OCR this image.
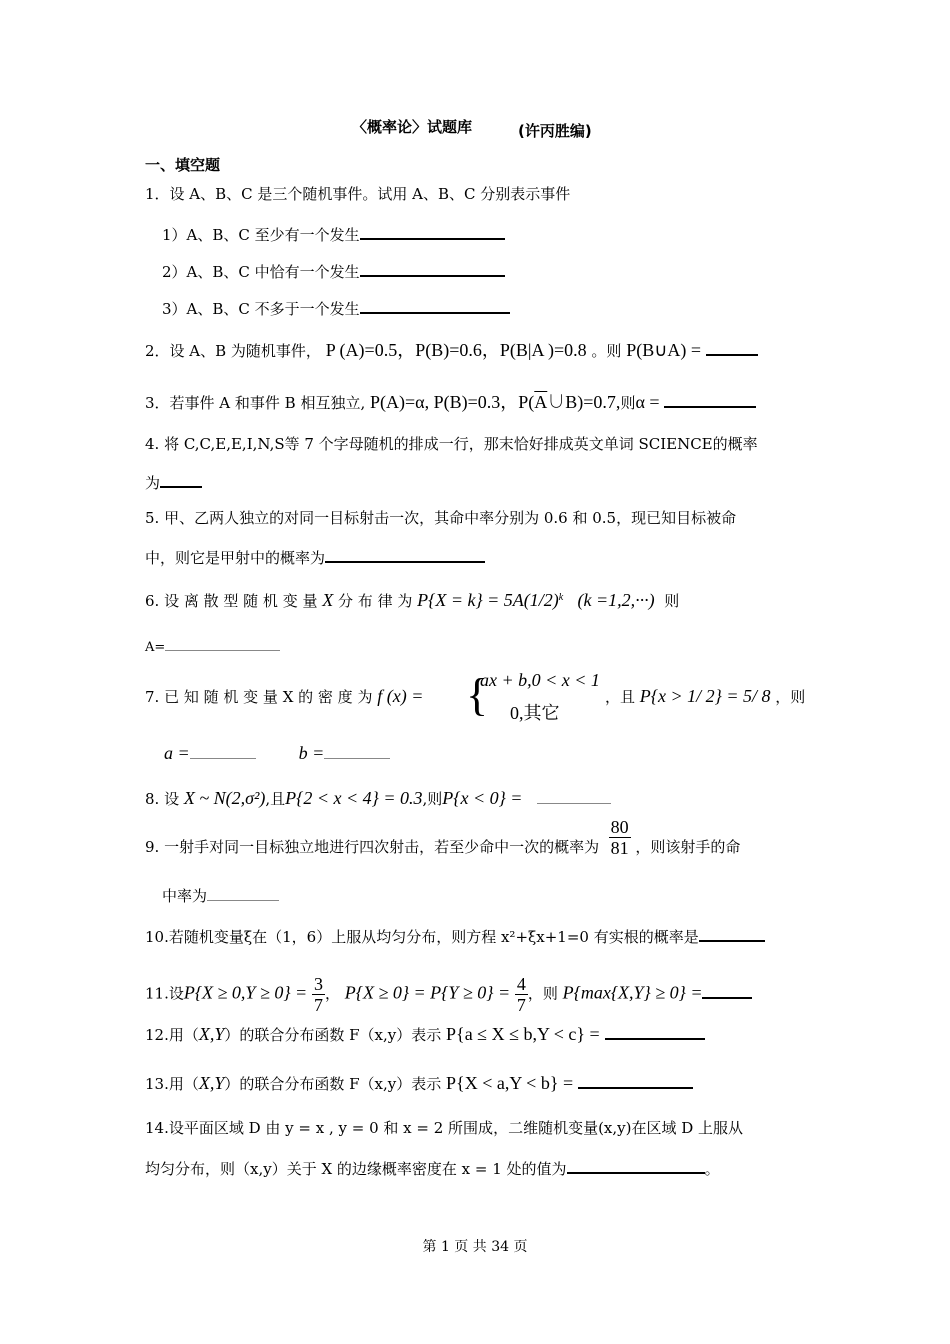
〈概率论〉试题库	(许丙胜编)
一、填空题
1．设 A、B、C 是三个随机事件。试用 A、B、C 分别表示事件
1）A、B、C 至少有一个发生
2）A、B、C 中恰有一个发生
3）A、B、C 不多于一个发生
2．设 A、B 为随机事件， P (A)=0.5，P(B)=0.6，P(B|A )=0.8 。则 P(B∪A) =
3．若事件 A 和事件 B 相互独立, P(A)=α, P(B)=0.3，$P(\overline{A}\cup B)=0.7$,则α =
4. 将 C,C,E,E,I,N,S等 7 个字母随机的排成一行，那末恰好排成英文单词 SCIENCE的概率
为
5. 甲、乙两人独立的对同一目标射击一次，其命中率分别为 0.6 和 0.5，现已知目标被命
中，则它是甲射中的概率为
6. 设 离 散 型 随 机 变 量 X 分 布 律 为 $P\{X = k\} = 5A(1/2)^k$ (k =1,2,···) 则
A=
7. 已 知 随 机 变 量 X 的 密 度 为 f (x) = {
ax + b,0 < x < 1
0,其它
，且 P{x > 1/ 2} = 5/ 8 ，则
a =	b =
8. 设 X ~ N(2,σ²),且P{2 < x < 4} = 0.3,则P{x < 0} =
9. 一射手对同一目标独立地进行四次射击，若至少命中一次的概率为 $\frac{80}{81}$ ，则该射手的命
中率为
10.若随机变量ξ在（1，6）上服从均匀分布，则方程 x²+ξx+1=0 有实根的概率是
11.设$P\{X \ge 0,Y \ge 0\} = \frac{3}{7}$ ， $P\{X \ge 0\} = P\{Y \ge 0\} = \frac{4}{7}$ ，则 P{max{X,Y} ≥ 0} =
12.用（X,Y）的联合分布函数 F（x,y）表示 P{a ≤ X ≤ b,Y < c} =
13.用（X,Y）的联合分布函数 F（x,y）表示 P{X < a,Y < b} =
14.设平面区域 D 由 y = x , y = 0 和 x = 2 所围成，二维随机变量(x,y)在区域 D 上服从
均匀分布，则（x,y）关于 X 的边缘概率密度在 x = 1 处的值为	。
第 1 页 共 34 页
